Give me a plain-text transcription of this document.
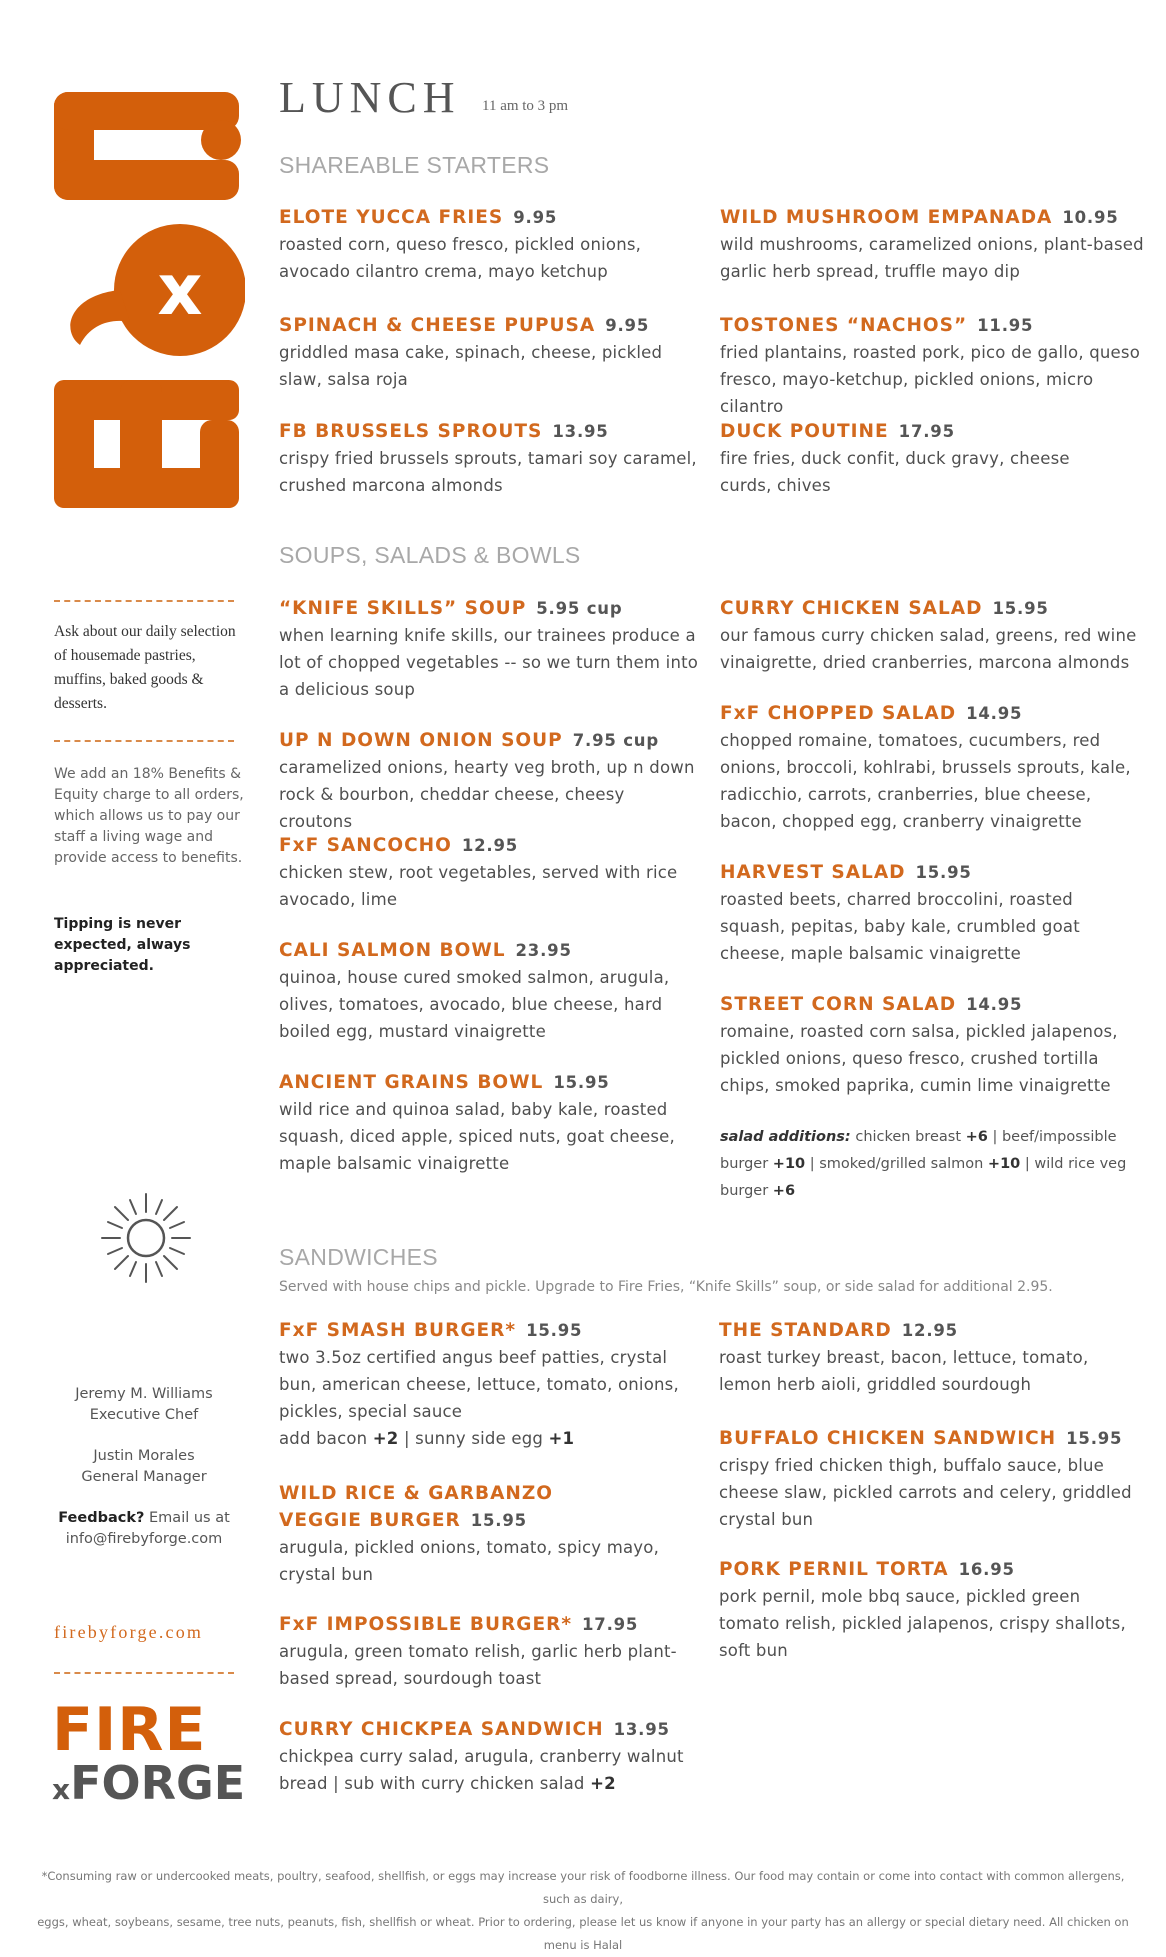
x
Ask about our daily selection of housemade pastries, muffins, baked goods & desserts.
We add an 18% Benefits & Equity charge to all orders, which allows us to pay our staff a living wage and provide access to benefits.
Tipping is never expected, always appreciated.
Jeremy M. Williams
Executive Chef
Justin Morales
General Manager
Feedback? Email us at
info@firebyforge.com
firebyforge.com
FIRE
xFORGE
LUNCH 11 am to 3 pm
SHAREABLE STARTERS
ELOTE YUCCA FRIES 9.95
roasted corn, queso fresco, pickled onions, avocado cilantro crema, mayo ketchup
SPINACH & CHEESE PUPUSA 9.95
griddled masa cake, spinach, cheese, pickled slaw, salsa roja
FB BRUSSELS SPROUTS 13.95
crispy fried brussels sprouts, tamari soy caramel, crushed marcona almonds
WILD MUSHROOM EMPANADA 10.95
wild mushrooms, caramelized onions, plant-based garlic herb spread, truffle mayo dip
TOSTONES “NACHOS” 11.95
fried plantains, roasted pork, pico de gallo, queso fresco, mayo-ketchup, pickled onions, micro cilantro
DUCK POUTINE 17.95
fire fries, duck confit, duck gravy, cheese curds, chives
SOUPS, SALADS & BOWLS
“KNIFE SKILLS” SOUP 5.95 cup
when learning knife skills, our trainees produce a lot of chopped vegetables -- so we turn them into a delicious soup
UP N DOWN ONION SOUP 7.95 cup
caramelized onions, hearty veg broth, up n down rock & bourbon, cheddar cheese, cheesy croutons
FxF SANCOCHO 12.95
chicken stew, root vegetables, served with rice avocado, lime
CALI SALMON BOWL 23.95
quinoa, house cured smoked salmon, arugula, olives, tomatoes, avocado, blue cheese, hard boiled egg, mustard vinaigrette
ANCIENT GRAINS BOWL 15.95
wild rice and quinoa salad, baby kale, roasted squash, diced apple, spiced nuts, goat cheese, maple balsamic vinaigrette
CURRY CHICKEN SALAD 15.95
our famous curry chicken salad, greens, red wine vinaigrette, dried cranberries, marcona almonds
FxF CHOPPED SALAD 14.95
chopped romaine, tomatoes, cucumbers, red onions, broccoli, kohlrabi, brussels sprouts, kale, radicchio, carrots, cranberries, blue cheese, bacon, chopped egg, cranberry vinaigrette
HARVEST SALAD 15.95
roasted beets, charred broccolini, roasted squash, pepitas, baby kale, crumbled goat cheese, maple balsamic vinaigrette
STREET CORN SALAD 14.95
romaine, roasted corn salsa, pickled jalapenos, pickled onions, queso fresco, crushed tortilla chips, smoked paprika, cumin lime vinaigrette
salad additions: chicken breast +6 | beef/impossible burger +10 | smoked/grilled salmon +10 | wild rice veg burger +6
SANDWICHES
Served with house chips and pickle. Upgrade to Fire Fries, “Knife Skills” soup, or side salad for additional 2.95.
FxF SMASH BURGER* 15.95
two 3.5oz certified angus beef patties, crystal bun, american cheese, lettuce, tomato, onions, pickles, special sauce
add bacon +2 | sunny side egg +1
WILD RICE & GARBANZO
VEGGIE BURGER 15.95
arugula, pickled onions, tomato, spicy mayo, crystal bun
FxF IMPOSSIBLE BURGER* 17.95
arugula, green tomato relish, garlic herb plant-based spread, sourdough toast
CURRY CHICKPEA SANDWICH 13.95
chickpea curry salad, arugula, cranberry walnut bread | sub with curry chicken salad +2
THE STANDARD 12.95
roast turkey breast, bacon, lettuce, tomato, lemon herb aioli, griddled sourdough
BUFFALO CHICKEN SANDWICH 15.95
crispy fried chicken thigh, buffalo sauce, blue cheese slaw, pickled carrots and celery, griddled crystal bun
PORK PERNIL TORTA 16.95
pork pernil, mole bbq sauce, pickled green tomato relish, pickled jalapenos, crispy shallots, soft bun
*Consuming raw or undercooked meats, poultry, seafood, shellfish, or eggs may increase your risk of foodborne illness. Our food may contain or come into contact with common allergens, such as dairy,
eggs, wheat, soybeans, sesame, tree nuts, peanuts, fish, shellfish or wheat. Prior to ordering, please let us know if anyone in your party has an allergy or special dietary need. All chicken on menu is Halal
